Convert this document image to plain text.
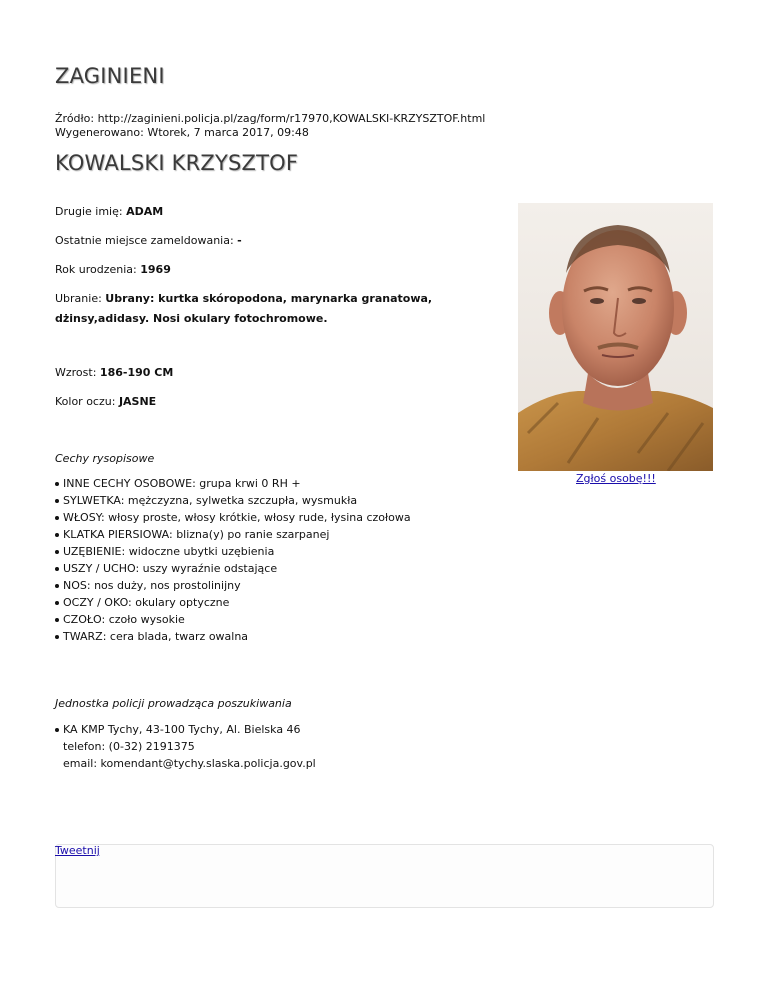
ZAGINIENI
Źródło: http://zaginieni.policja.pl/zag/form/r17970,KOWALSKI-KRZYSZTOF.html
Wygenerowano: Wtorek, 7 marca 2017, 09:48
KOWALSKI KRZYSZTOF
Drugie imię: ADAM
Ostatnie miejsce zameldowania: -
Rok urodzenia: 1969
Ubranie: Ubrany: kurtka skóropodona, marynarka granatowa, dżinsy,adidasy. Nosi okulary fotochromowe.
Wzrost: 186-190 CM
Kolor oczu: JASNE
Cechy rysopisowe
INNE CECHY OSOBOWE: grupa krwi 0 RH +
SYLWETKA: mężczyzna, sylwetka szczupła, wysmukła
WŁOSY: włosy proste, włosy krótkie, włosy rude, łysina czołowa
KLATKA PIERSIOWA: blizna(y) po ranie szarpanej
UZĘBIENIE: widoczne ubytki uzębienia
USZY / UCHO: uszy wyraźnie odstające
NOS: nos duży, nos prostolinijny
OCZY / OKO: okulary optyczne
CZOŁO: czoło wysokie
TWARZ: cera blada, twarz owalna
Jednostka policji prowadząca poszukiwania
KA KMP Tychy, 43-100 Tychy, Al. Bielska 46
telefon: (0-32) 2191375
email: komendant@tychy.slaska.policja.gov.pl
Zgłoś osobę!!!
Tweetnij
